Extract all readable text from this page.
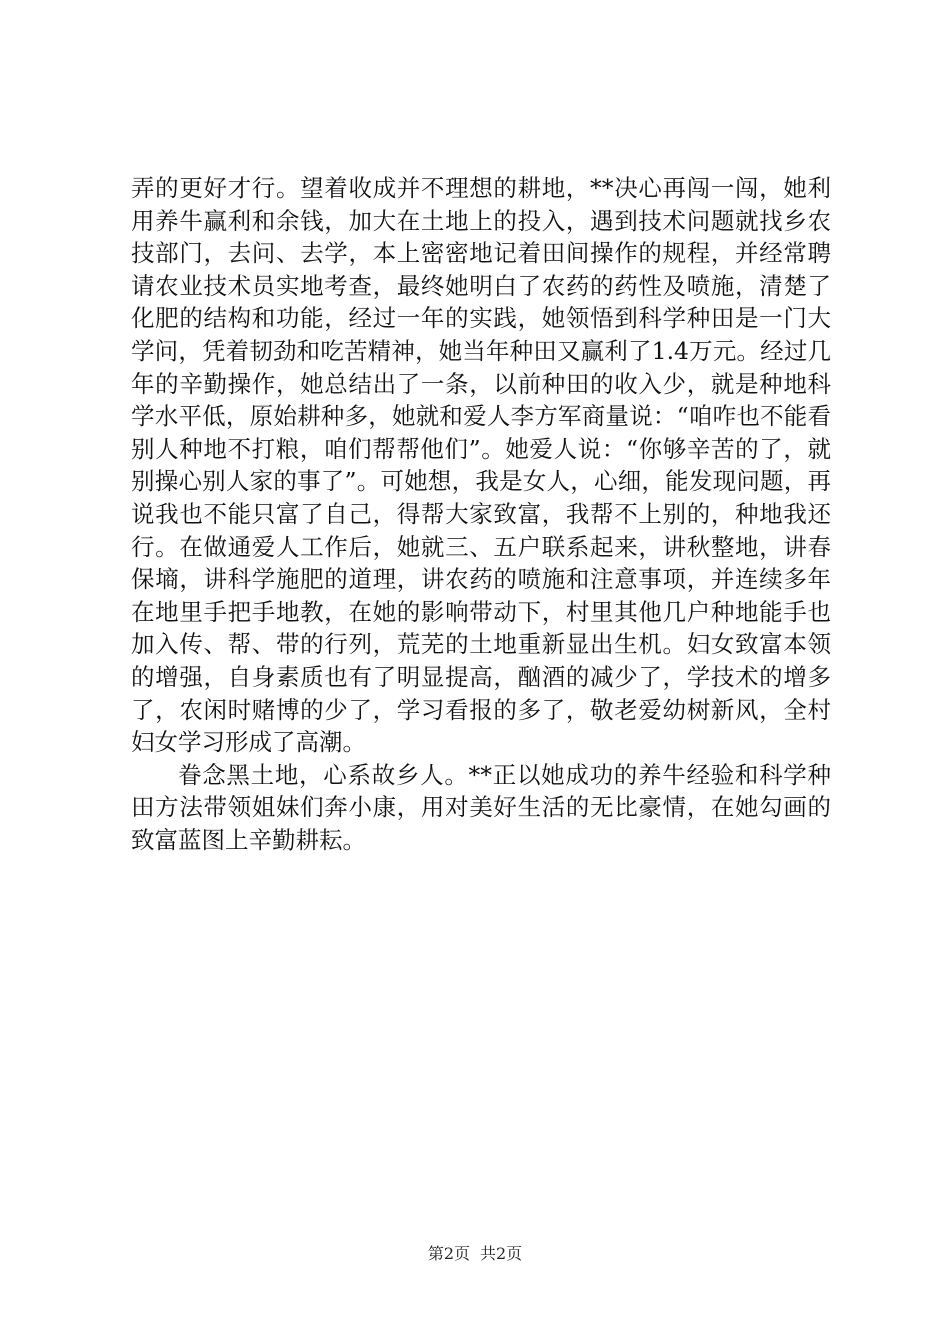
弄的更好才行。望着收成并不理想的耕地，**决心再闯一闯，她利用养牛赢利和余钱，加大在土地上的投入，遇到技术问题就找乡农技部门，去问、去学，本上密密地记着田间操作的规程，并经常聘请农业技术员实地考查，最终她明白了农药的药性及喷施，清楚了化肥的结构和功能，经过一年的实践，她领悟到科学种田是一门大学问，凭着韧劲和吃苦精神，她当年种田又赢利了1.4万元。经过几年的辛勤操作，她总结出了一条，以前种田的收入少，就是种地科学水平低，原始耕种多，她就和爱人李方军商量说：“咱咋也不能看别人种地不打粮，咱们帮帮他们”。她爱人说：“你够辛苦的了，就别操心别人家的事了”。可她想，我是女人，心细，能发现问题，再说我也不能只富了自己，得帮大家致富，我帮不上别的，种地我还行。在做通爱人工作后，她就三、五户联系起来，讲秋整地，讲春保墒，讲科学施肥的道理，讲农药的喷施和注意事项，并连续多年在地里手把手地教，在她的影响带动下，村里其他几户种地能手也加入传、帮、带的行列，荒芜的土地重新显出生机。妇女致富本领的增强，自身素质也有了明显提高，酗酒的减少了，学技术的增多了，农闲时赌博的少了，学习看报的多了，敬老爱幼树新风，全村妇女学习形成了高潮。

眷念黑土地，心系故乡人。**正以她成功的养牛经验和科学种田方法带领姐妹们奔小康，用对美好生活的无比豪情，在她勾画的致富蓝图上辛勤耕耘。

第2页 共2页
